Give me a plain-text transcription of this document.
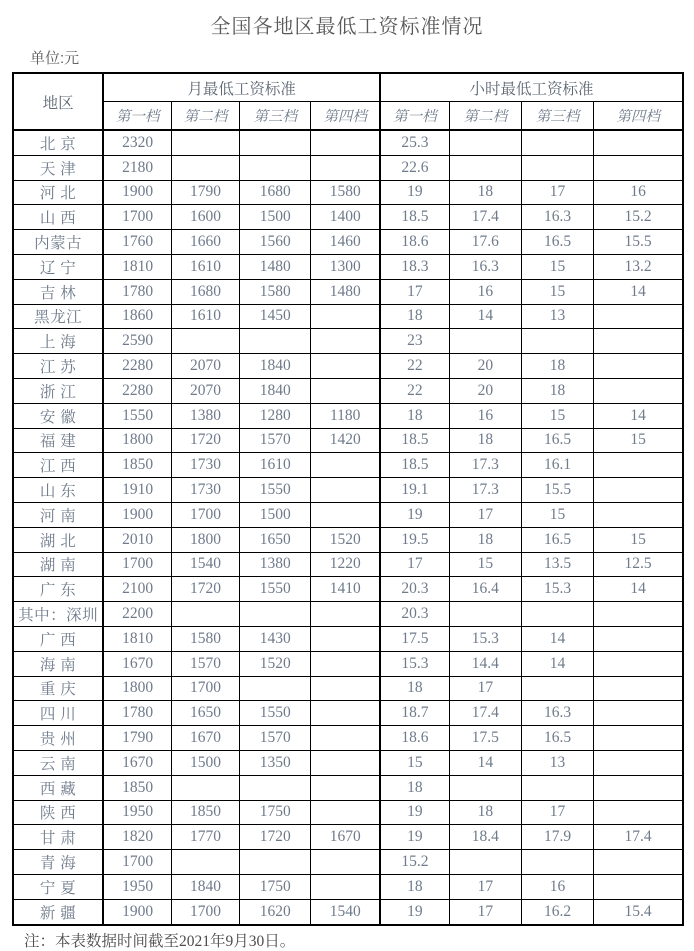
全国各地区最低工资标准情况
单位:元
地区	月最低工资标准				小时最低工资标准			
	第一档	第二档	第三档	第四档	第一档	第二档	第三档	第四档
北 京	2320				25.3			
天 津	2180				22.6			
河 北	1900	1790	1680	1580	19	18	17	16
山 西	1700	1600	1500	1400	18.5	17.4	16.3	15.2
内蒙古	1760	1660	1560	1460	18.6	17.6	16.5	15.5
辽 宁	1810	1610	1480	1300	18.3	16.3	15	13.2
吉 林	1780	1680	1580	1480	17	16	15	14
黑龙江	1860	1610	1450		18	14	13	
上 海	2590				23			
江 苏	2280	2070	1840		22	20	18	
浙 江	2280	2070	1840		22	20	18	
安 徽	1550	1380	1280	1180	18	16	15	14
福 建	1800	1720	1570	1420	18.5	18	16.5	15
江 西	1850	1730	1610		18.5	17.3	16.1	
山 东	1910	1730	1550		19.1	17.3	15.5	
河 南	1900	1700	1500		19	17	15	
湖 北	2010	1800	1650	1520	19.5	18	16.5	15
湖 南	1700	1540	1380	1220	17	15	13.5	12.5
广 东	2100	1720	1550	1410	20.3	16.4	15.3	14
其中：深圳	2200				20.3			
广 西	1810	1580	1430		17.5	15.3	14	
海 南	1670	1570	1520		15.3	14.4	14	
重 庆	1800	1700			18	17		
四 川	1780	1650	1550		18.7	17.4	16.3	
贵 州	1790	1670	1570		18.6	17.5	16.5	
云 南	1670	1500	1350		15	14	13	
西 藏	1850				18			
陕 西	1950	1850	1750		19	18	17	
甘 肃	1820	1770	1720	1670	19	18.4	17.9	17.4
青 海	1700				15.2			
宁 夏	1950	1840	1750		18	17	16	
新 疆	1900	1700	1620	1540	19	17	16.2	15.4
注：本表数据时间截至2021年9月30日。
